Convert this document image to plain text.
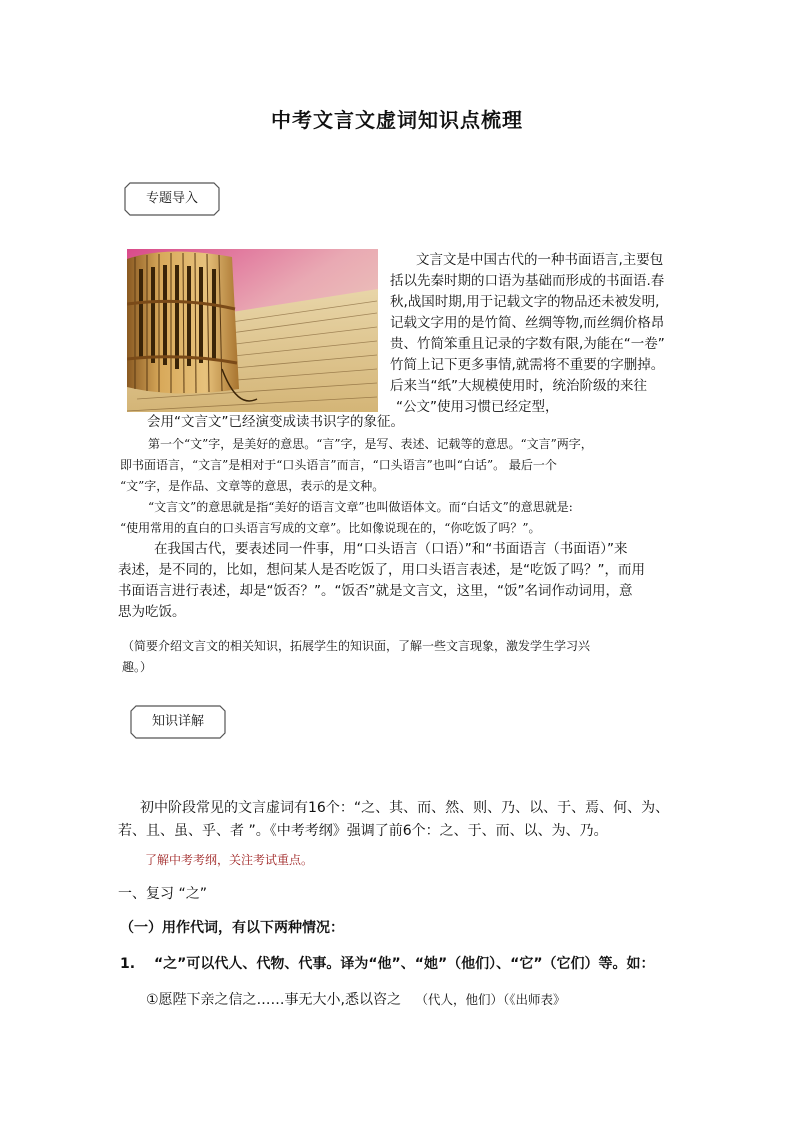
中考文言文虚词知识点梳理
专题导入
文言文是中国古代的一种书面语言,主要包
括以先秦时期的口语为基础而形成的书面语.春
秋,战国时期,用于记载文字的物品还未被发明,
记载文字用的是竹简、丝绸等物,而丝绸价格昂
贵、竹简笨重且记录的字数有限,为能在“一卷”
竹简上记下更多事情,就需将不重要的字删掉。
后来当“纸”大规模使用时，统治阶级的来往
“公文”使用习惯已经定型，
会用“文言文”已经演变成读书识字的象征。
第一个“文”字，是美好的意思。“言”字，是写、表述、记载等的意思。“文言”两字，
即书面语言，“文言”是相对于“口头语言”而言，“口头语言”也叫“白话”。 最后一个
“文”字，是作品、文章等的意思，表示的是文种。
“文言文”的意思就是指“美好的语言文章”也叫做语体文。而“白话文”的意思就是:
“使用常用的直白的口头语言写成的文章”。比如像说现在的，“你吃饭了吗？”。
在我国古代，要表述同一件事，用“口头语言（口语）”和“书面语言（书面语）”来
表述，是不同的，比如，想问某人是否吃饭了，用口头语言表述，是“吃饭了吗？”，而用
书面语言进行表述，却是“饭否？”。“饭否”就是文言文，这里，“饭”名词作动词用，意
思为吃饭。
（简要介绍文言文的相关知识，拓展学生的知识面，了解一些文言现象，激发学生学习兴
趣。）
知识详解
初中阶段常见的文言虚词有16个：“之、其、而、然、则、乃、以、于、焉、何、为、
若、且、虽、乎、者 ”。《中考考纲》强调了前6个：之、于、而、以、为、乃。
了解中考考纲，关注考试重点。
一、复习 “之”
（一）用作代词，有以下两种情况：
1. “之”可以代人、代物、代事。译为“他”、“她”（他们）、“它”（它们）等。如：
①愿陛下亲之信之……事无大小,悉以咨之 （代人，他们）（《出师表》
